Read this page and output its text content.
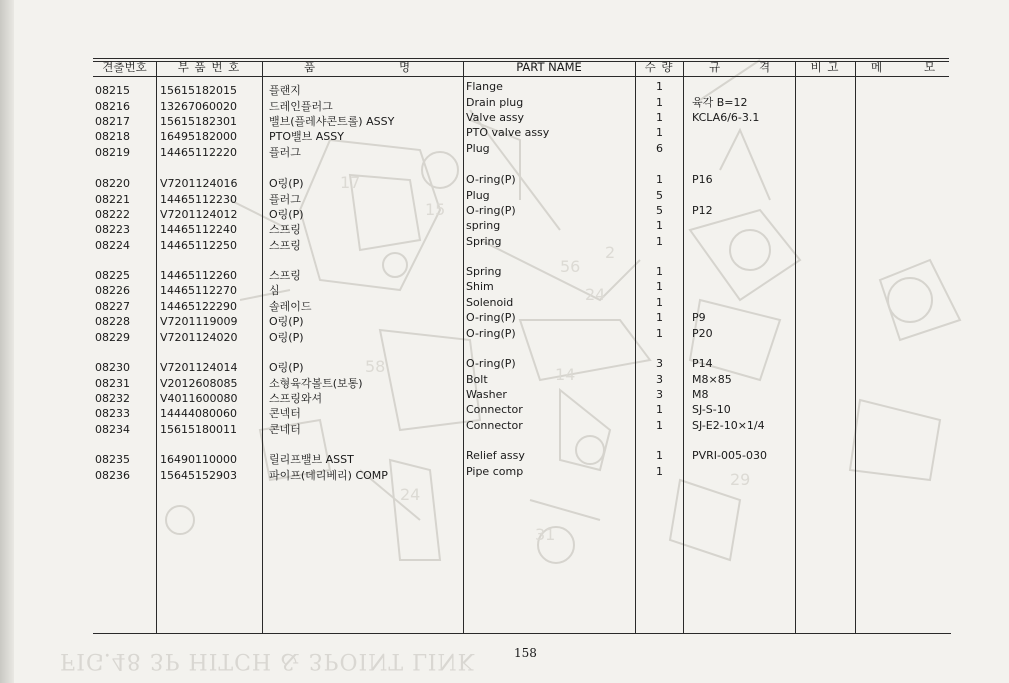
17
15
56
24
2
31
58
29
24
14
견출번호	부 품 번 호	품	명	PART NAME	수 량	규	격	비 고	메	모
08215	15615182015	플랜지	Flange	1
08216	13267060020	드레인플러그	Drain plug	1	육각 B=12
08217	15615182301	밸브(플레샤콘트롤) ASSY	Valve assy	1	KCLA6/6-3.1
08218	16495182000	PTO밸브 ASSY	PTO valve assy	1
08219	14465112220	플러그	Plug	6
08220	V7201124016	O링(P)	O-ring(P)	1	P16
08221	14465112230	플러그	Plug	5
08222	V7201124012	O링(P)	O-ring(P)	5	P12
08223	14465112240	스프링	spring	1
08224	14465112250	스프링	Spring	1
08225	14465112260	스프링	Spring	1
08226	14465112270	심	Shim	1
08227	14465122290	솔레이드	Solenoid	1
08228	V7201119009	O링(P)	O-ring(P)	1	P9
08229	V7201124020	O링(P)	O-ring(P)	1	P20
08230	V7201124014	O링(P)	O-ring(P)	3	P14
08231	V2012608085	소형육각볼트(보통)	Bolt	3	M8×85
08232	V4011600080	스프링와셔	Washer	3	M8
08233	14444080060	콘넥터	Connector	1	SJ-S-10
08234	15615180011	콘네터	Connector	1	SJ-E2-10×1/4
08235	16490110000	릴리프밸브 ASST	Relief assy	1	PVRI-005-030
08236	15645152903	파이프(데리베리) COMP	Pipe comp	1
158
FIG.48 3P HITCH & 3POINT LINK
